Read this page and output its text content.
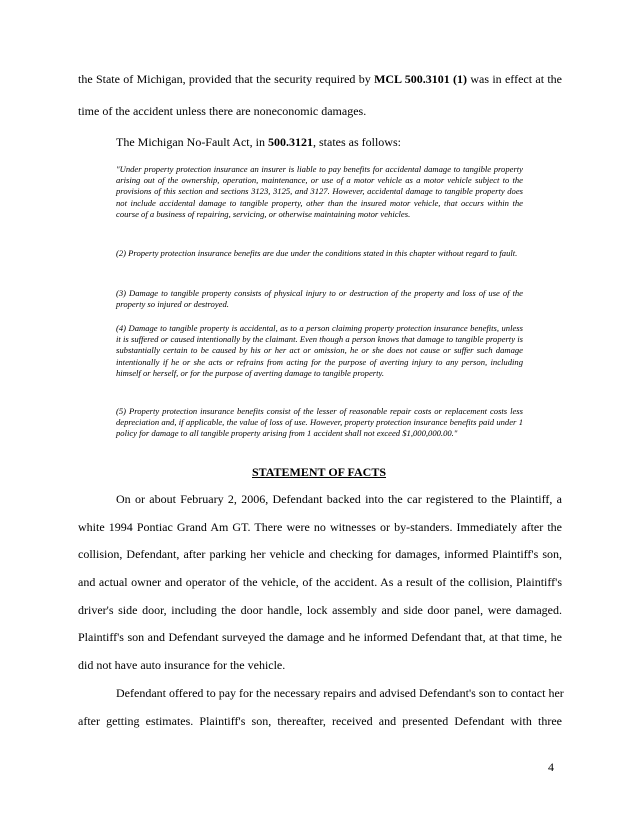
the State of Michigan, provided that the security required by MCL 500.3101 (1) was in effect at the
time of the accident unless there are noneconomic damages.
The Michigan No-Fault Act, in 500.3121, states as follows:
"Under property protection insurance an insurer is liable to pay benefits for accidental damage to tangible property arising out of the ownership, operation, maintenance, or use of a motor vehicle as a motor vehicle subject to the provisions of this section and sections 3123, 3125, and 3127. However, accidental damage to tangible property does not include accidental damage to tangible property, other than the insured motor vehicle, that occurs within the course of a business of repairing, servicing, or otherwise maintaining motor vehicles.
(2) Property protection insurance benefits are due under the conditions stated in this chapter without regard to fault.
(3) Damage to tangible property consists of physical injury to or destruction of the property and loss of use of the property so injured or destroyed.
(4) Damage to tangible property is accidental, as to a person claiming property protection insurance benefits, unless it is suffered or caused intentionally by the claimant. Even though a person knows that damage to tangible property is substantially certain to be caused by his or her act or omission, he or she does not cause or suffer such damage intentionally if he or she acts or refrains from acting for the purpose of averting injury to any person, including himself or herself, or for the purpose of averting damage to tangible property.
(5) Property protection insurance benefits consist of the lesser of reasonable repair costs or replacement costs less depreciation and, if applicable, the value of loss of use. However, property protection insurance benefits paid under 1 policy for damage to all tangible property arising from 1 accident shall not exceed $1,000,000.00."
STATEMENT OF FACTS
On or about February 2, 2006, Defendant backed into the car registered to the Plaintiff, a
white 1994 Pontiac Grand Am GT. There were no witnesses or by-standers. Immediately after the
collision, Defendant, after parking her vehicle and checking for damages, informed Plaintiff's son,
and actual owner and operator of the vehicle, of the accident. As a result of the collision, Plaintiff's
driver's side door, including the door handle, lock assembly and side door panel, were damaged.
Plaintiff's son and Defendant surveyed the damage and he informed Defendant that, at that time, he
did not have auto insurance for the vehicle.
Defendant offered to pay for the necessary repairs and advised Defendant's son to contact her
after getting estimates. Plaintiff's son, thereafter, received and presented Defendant with three
4
